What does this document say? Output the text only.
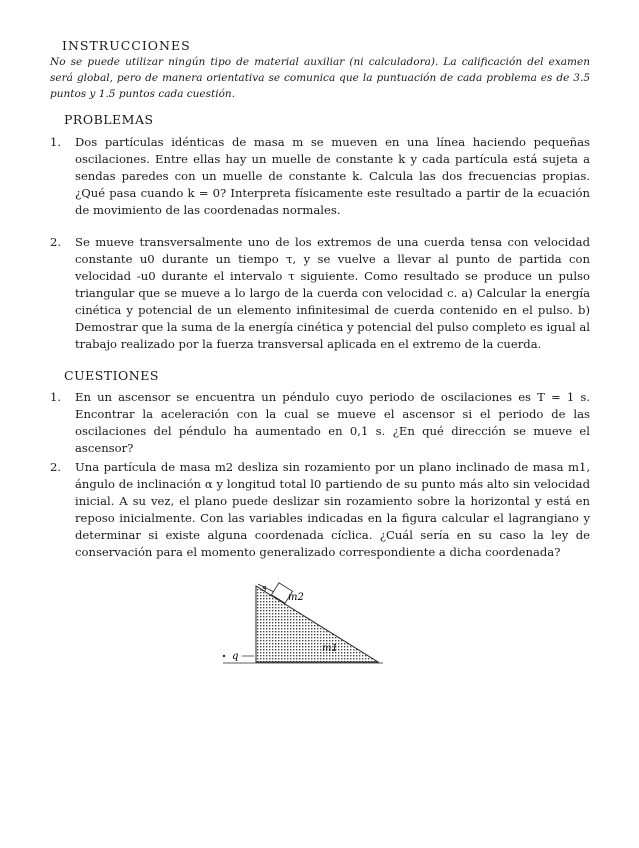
INSTRUCCIONES
No se puede utilizar ningún tipo de material auxiliar (ni calculadora). La calificación del examen será global, pero de manera orientativa se comunica que la puntuación de cada problema es de 3.5 puntos y 1.5 puntos cada cuestión.
PROBLEMAS
1.	Dos partículas idénticas de masa m se mueven en una línea haciendo pequeñas oscilaciones. Entre ellas hay un muelle de constante k y cada partícula está sujeta a sendas paredes con un muelle de constante k. Calcula las dos frecuencias propias. ¿Qué pasa cuando k = 0? Interpreta físicamente este resultado a partir de la ecuación de movimiento de las coordenadas normales.
2.	Se mueve transversalmente uno de los extremos de una cuerda tensa con velocidad constante u0 durante un tiempo τ, y se vuelve a llevar al punto de partida con velocidad -u0 durante el intervalo τ siguiente. Como resultado se produce un pulso triangular que se mueve a lo largo de la cuerda con velocidad c. a) Calcular la energía cinética y potencial de un elemento infinitesimal de cuerda contenido en el pulso. b) Demostrar que la suma de la energía cinética y potencial del pulso completo es igual al trabajo realizado por la fuerza transversal aplicada en el extremo de la cuerda.
CUESTIONES
1.	En un ascensor se encuentra un péndulo cuyo periodo de oscilaciones es T = 1 s. Encontrar la aceleración con la cual se mueve el ascensor si el periodo de las oscilaciones del péndulo ha aumentado en 0,1 s. ¿En qué dirección se mueve el ascensor?
2.	Una partícula de masa m2 desliza sin rozamiento por un plano inclinado de masa m1, ángulo de inclinación α y longitud total l0 partiendo de su punto más alto sin velocidad inicial. A su vez, el plano puede deslizar sin rozamiento sobre la horizontal y está en reposo inicialmente. Con las variables indicadas en la figura calcular el lagrangiano y determinar si existe alguna coordenada cíclica. ¿Cuál sería en su caso la ley de conservación para el momento generalizado correspondiente a dicha coordenada?
s
m2
m1
q
